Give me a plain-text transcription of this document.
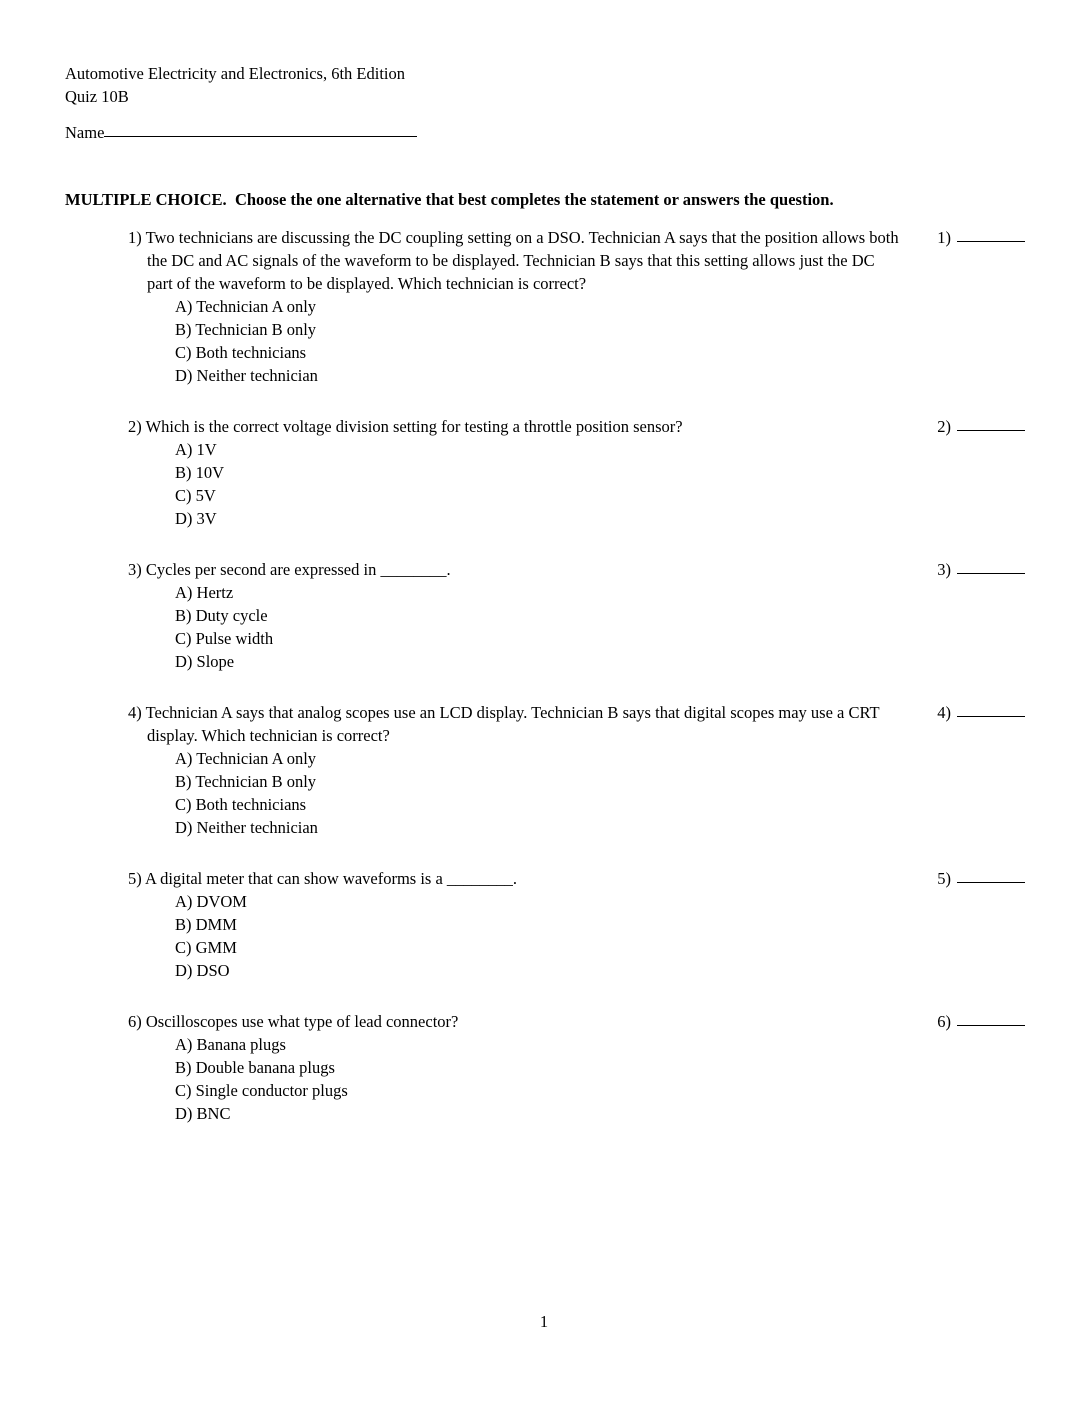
Automotive Electricity and Electronics, 6th Edition
Quiz 10B
Name
MULTIPLE CHOICE. Choose the one alternative that best completes the statement or answers the question.
1) Two technicians are discussing the DC coupling setting on a DSO. Technician A says that the position allows both the DC and AC signals of the waveform to be displayed. Technician B says that this setting allows just the DC part of the waveform to be displayed. Which technician is correct?
A) Technician A only
B) Technician B only
C) Both technicians
D) Neither technician
1)
2) Which is the correct voltage division setting for testing a throttle position sensor?
A) 1V
B) 10V
C) 5V
D) 3V
2)
3) Cycles per second are expressed in ________.
A) Hertz
B) Duty cycle
C) Pulse width
D) Slope
3)
4) Technician A says that analog scopes use an LCD display. Technician B says that digital scopes may use a CRT display. Which technician is correct?
A) Technician A only
B) Technician B only
C) Both technicians
D) Neither technician
4)
5) A digital meter that can show waveforms is a ________.
A) DVOM
B) DMM
C) GMM
D) DSO
5)
6) Oscilloscopes use what type of lead connector?
A) Banana plugs
B) Double banana plugs
C) Single conductor plugs
D) BNC
6)
1
